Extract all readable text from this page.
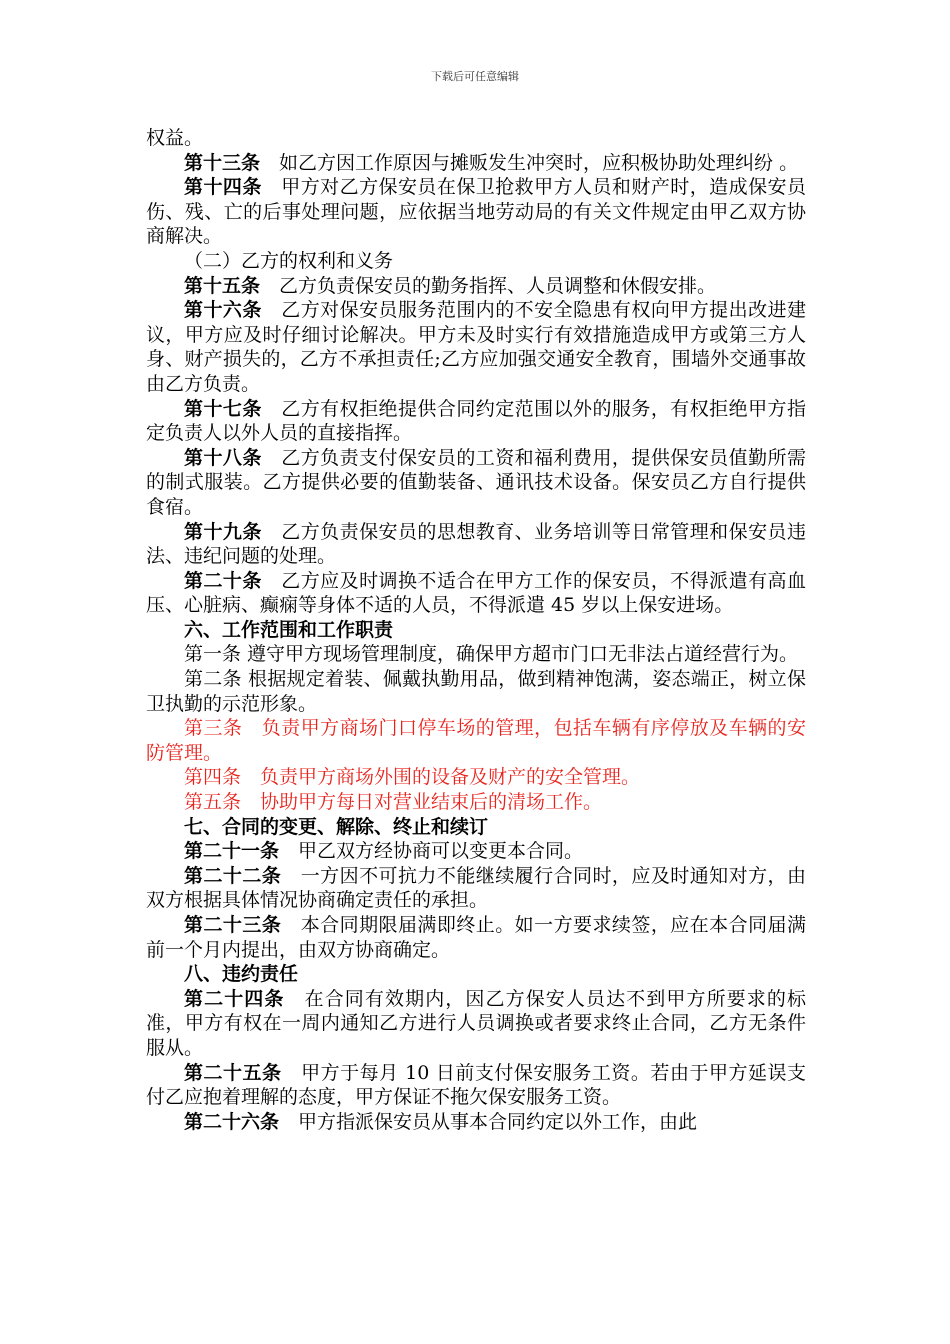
下载后可任意编辑

权益。

第十三条　 如乙方因工作原因与摊贩发生冲突时，应积极协助处理纠纷 。

第十四条　 甲方对乙方保安员在保卫抢救甲方人员和财产时，造成保安员伤、残、亡的后事处理问题，应依据当地劳动局的有关文件规定由甲乙双方协商解决。

（二）乙方的权利和义务

第十五条　 乙方负责保安员的勤务指挥、人员调整和休假安排。

第十六条　 乙方对保安员服务范围内的不安全隐患有权向甲方提出改进建议，甲方应及时仔细讨论解决。甲方未及时实行有效措施造成甲方或第三方人身、财产损失的，乙方不承担责任;乙方应加强交通安全教育，围墙外交通事故由乙方负责。

第十七条　 乙方有权拒绝提供合同约定范围以外的服务，有权拒绝甲方指定负责人以外人员的直接指挥。

第十八条　 乙方负责支付保安员的工资和福利费用，提供保安员值勤所需的制式服装。乙方提供必要的值勤装备、通讯技术设备。保安员乙方自行提供食宿。

第十九条　 乙方负责保安员的思想教育、业务培训等日常管理和保安员违法、违纪问题的处理。

第二十条　 乙方应及时调换不适合在甲方工作的保安员，不得派遣有高血压、心脏病、癫痫等身体不适的人员，不得派遣 45 岁以上保安进场。

六、工作范围和工作职责

第一条 遵守甲方现场管理制度，确保甲方超市门口无非法占道经营行为。

第二条 根据规定着装、佩戴执勤用品，做到精神饱满，姿态端正，树立保卫执勤的示范形象。

第三条　负责甲方商场门口停车场的管理，包括车辆有序停放及车辆的安防管理。

第四条　负责甲方商场外围的设备及财产的安全管理。

第五条　协助甲方每日对营业结束后的清场工作。

七、合同的变更、解除、终止和续订

第二十一条　 甲乙双方经协商可以变更本合同。

第二十二条　 一方因不可抗力不能继续履行合同时，应及时通知对方，由双方根据具体情况协商确定责任的承担。

第二十三条　 本合同期限届满即终止。如一方要求续签，应在本合同届满前一个月内提出，由双方协商确定。

八、违约责任

第二十四条　 在合同有效期内，因乙方保安人员达不到甲方所要求的标准，甲方有权在一周内通知乙方进行人员调换或者要求终止合同，乙方无条件服从。

第二十五条　 甲方于每月 10 日前支付保安服务工资。若由于甲方延误支付乙应抱着理解的态度，甲方保证不拖欠保安服务工资。

第二十六条　 甲方指派保安员从事本合同约定以外工作，由此
